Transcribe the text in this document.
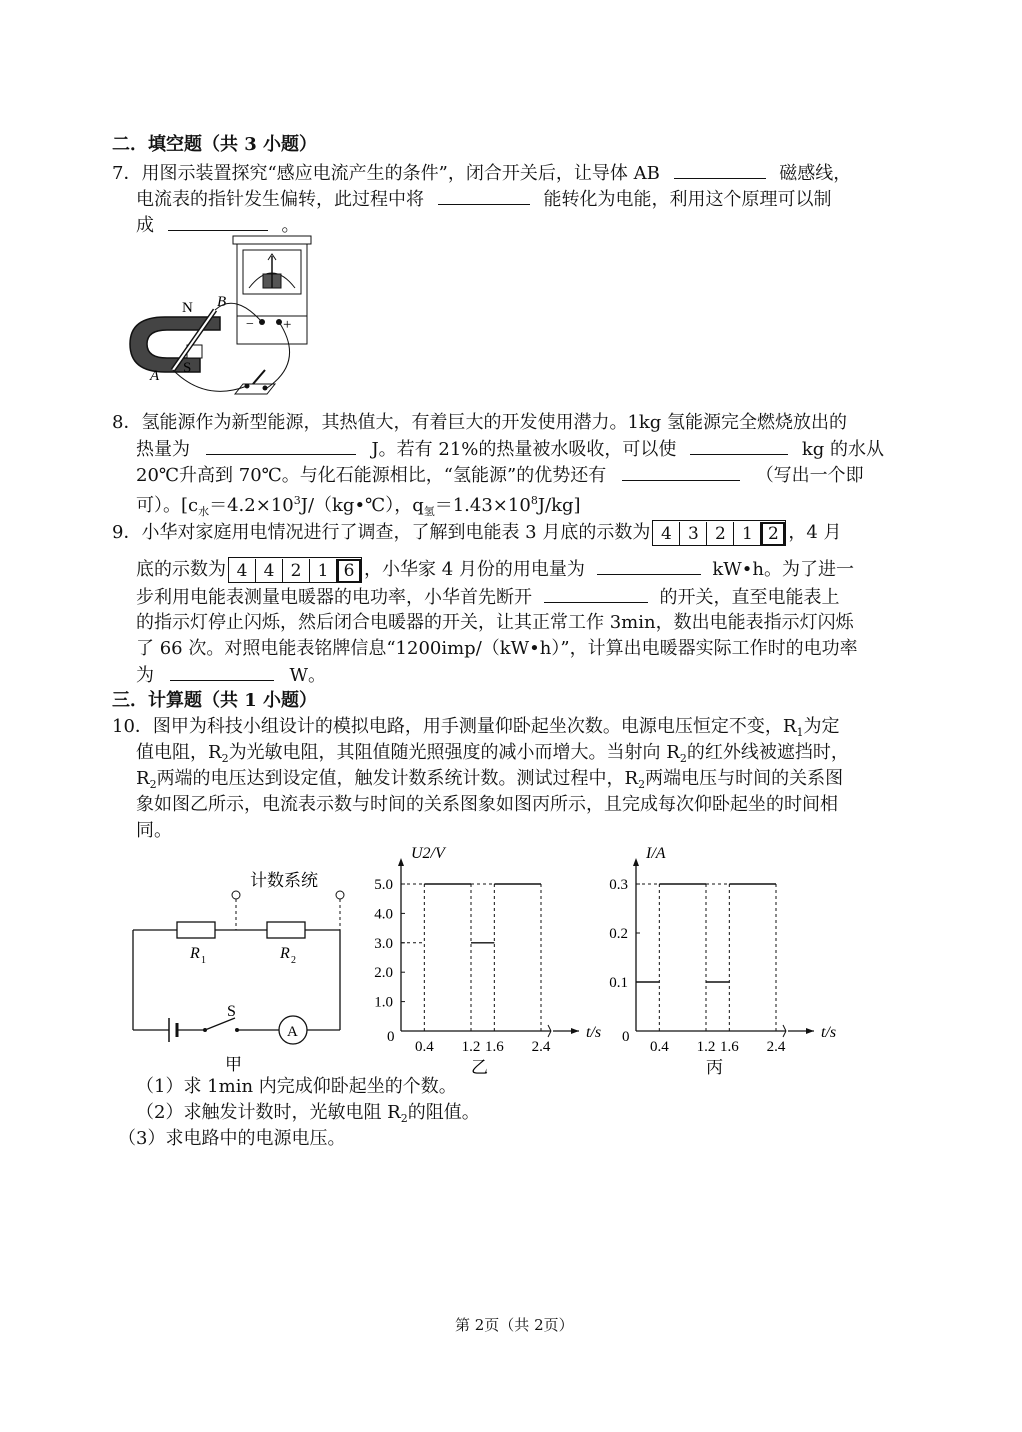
二．填空题（共 3 小题）
7．用图示装置探究“感应电流产生的条件”，闭合开关后，让导体 AB	磁感线，
电流表的指针发生偏转，此过程中将	能转化为电能，利用这个原理可以制
成	。
N
S
A
B
− +
8．氢能源作为新型能源，其热值大，有着巨大的开发使用潜力。1kg 氢能源完全燃烧放出的
热量为	J。若有 21%的热量被水吸收，可以使	kg 的水从
20℃升高到 70℃。与化石能源相比，“氢能源”的优势还有	（写出一个即
可）。[$c_水=4.2\times 10^3J/(kg•℃)$，$q_氢=1.43\times 10^8J/kg$]
9．小华对家庭用电情况进行了调查，了解到电能表 3 月底的示数为 4 3 2 1 2 ，4 月
底的示数为 4 4 2 1 6 ，小华家 4 月份的用电量为	kW•h。为了进一
步利用电能表测量电暖器的电功率，小华首先断开	的开关，直至电能表上
的指示灯停止闪烁，然后闭合电暖器的开关，让其正常工作 3min，数出电能表指示灯闪烁
了 66 次。对照电能表铭牌信息“1200imp/（kW•h）”，计算出电暖器实际工作时的电功率
为	W。
三．计算题（共 1 小题）
10．图甲为科技小组设计的模拟电路，用手测量仰卧起坐次数。电源电压恒定不变，$R_1$为定
值电阻，$R_2$为光敏电阻，其阻值随光照强度的减小而增大。当射向 $R_2$的红外线被遮挡时，
$R_2$两端的电压达到设定值，触发计数系统计数。测试过程中，$R_2$两端电压与时间的关系图
象如图乙所示，电流表示数与时间的关系图象如图丙所示，且完成每次仰卧起坐的时间相
同。
计数系统
R 1	R 2
S
A
甲
U2/V
t/s
0
1.0
2.0
3.0
4.0
5.0
0.4 1.2 1.6 2.4
乙
I/A
t/s
0
0.1
0.2
0.3
0.4 1.2 1.6 2.4
丙
（1）求 1min 内完成仰卧起坐的个数。
（2）求触发计数时，光敏电阻 $R_2$的阻值。
（3）求电路中的电源电压。
第 2页（共 2页）
